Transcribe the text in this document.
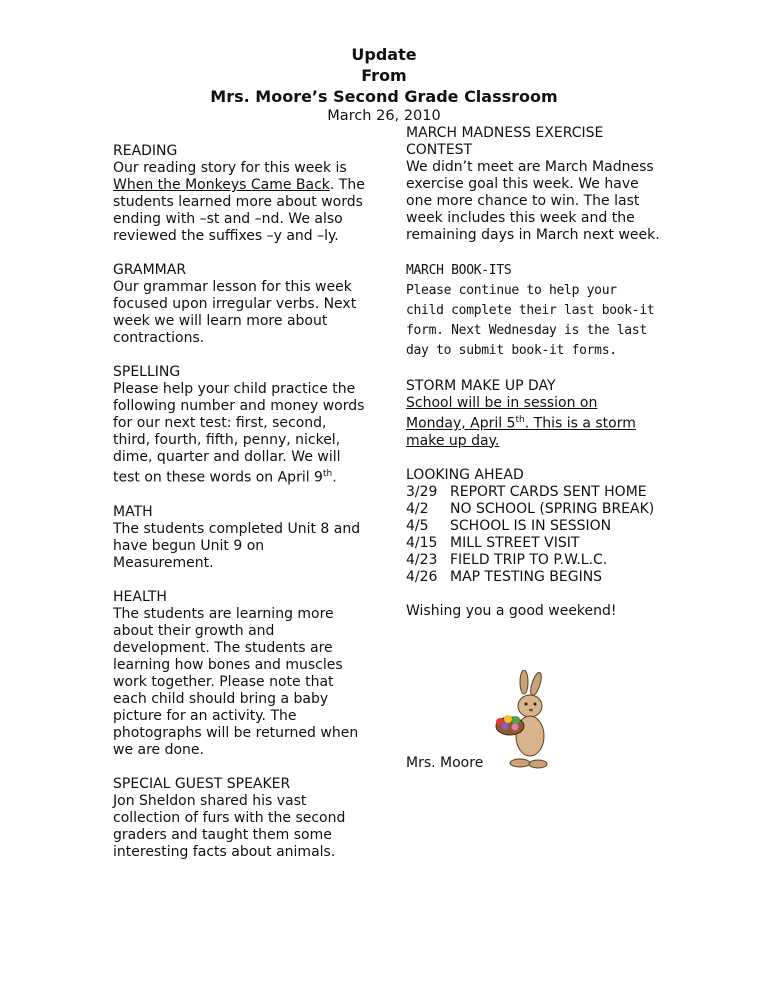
Update
From
Mrs. Moore’s Second Grade Classroom
March 26, 2010

READING

Our reading story for this week is When the Monkeys Came Back. The students learned more about words ending with –st and –nd. We also reviewed the suffixes –y and –ly.

GRAMMAR

Our grammar lesson for this week focused upon irregular verbs. Next week we will learn more about contractions.

SPELLING

Please help your child practice the following number and money words for our next test: first, second, third, fourth, fifth, penny, nickel, dime, quarter and dollar. We will test on these words on April 9th.

MATH

The students completed Unit 8 and have begun Unit 9 on Measurement.

HEALTH

The students are learning more about their growth and development. The students are learning how bones and muscles work together. Please note that each child should bring a baby picture for an activity. The photographs will be returned when we are done.

SPECIAL GUEST SPEAKER

Jon Sheldon shared his vast collection of furs with the second graders and taught them some interesting facts about animals.

MARCH MADNESS EXERCISE CONTEST

We didn’t meet are March Madness exercise goal this week. We have one more chance to win. The last week includes this week and the remaining days in March next week.

MARCH BOOK-ITS

Please continue to help your child complete their last book-it form. Next Wednesday is the last day to submit book-it forms.

STORM MAKE UP DAY

School will be in session on Monday, April 5th. This is a storm make up day.

LOOKING AHEAD

3/29 REPORT CARDS SENT HOME
4/2	NO SCHOOL (SPRING BREAK)
4/5	SCHOOL IS IN SESSION
4/15 MILL STREET VISIT
4/23 FIELD TRIP TO P.W.L.C.
4/26 MAP TESTING BEGINS

Wishing you a good weekend!

Mrs. Moore
